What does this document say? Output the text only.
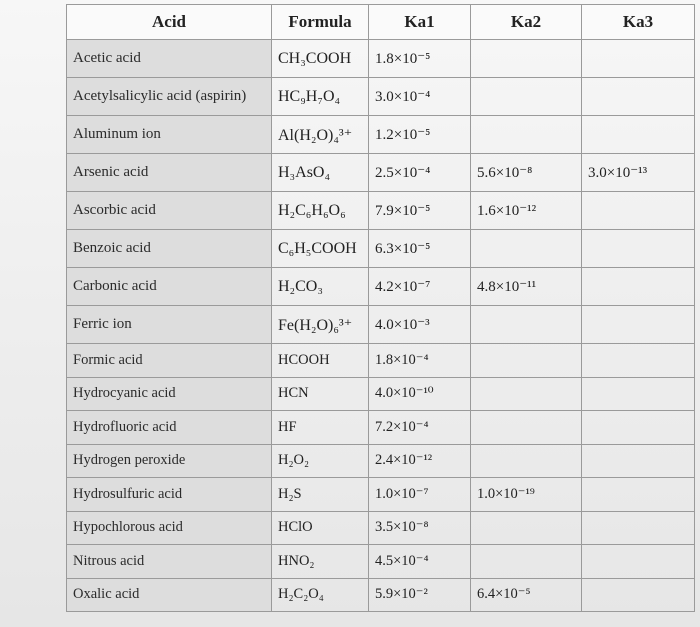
Acid	Formula	Ka1	Ka2	Ka3
Acetic acid	CH₃COOH	1.8×10⁻⁵		
Acetylsalicylic acid (aspirin)	HC₉H₇O₄	3.0×10⁻⁴		
Aluminum ion	Al(H₂O)₄³⁺	1.2×10⁻⁵		
Arsenic acid	H₃AsO₄	2.5×10⁻⁴	5.6×10⁻⁸	3.0×10⁻¹³
Ascorbic acid	H₂C₆H₆O₆	7.9×10⁻⁵	1.6×10⁻¹²	
Benzoic acid	C₆H₅COOH	6.3×10⁻⁵		
Carbonic acid	H₂CO₃	4.2×10⁻⁷	4.8×10⁻¹¹	
Ferric ion	Fe(H₂O)₆³⁺	4.0×10⁻³		
Formic acid	HCOOH	1.8×10⁻⁴		
Hydrocyanic acid	HCN	4.0×10⁻¹⁰		
Hydrofluoric acid	HF	7.2×10⁻⁴		
Hydrogen peroxide	H₂O₂	2.4×10⁻¹²		
Hydrosulfuric acid	H₂S	1.0×10⁻⁷	1.0×10⁻¹⁹	
Hypochlorous acid	HClO	3.5×10⁻⁸		
Nitrous acid	HNO₂	4.5×10⁻⁴		
Oxalic acid	H₂C₂O₄	5.9×10⁻²	6.4×10⁻⁵	
